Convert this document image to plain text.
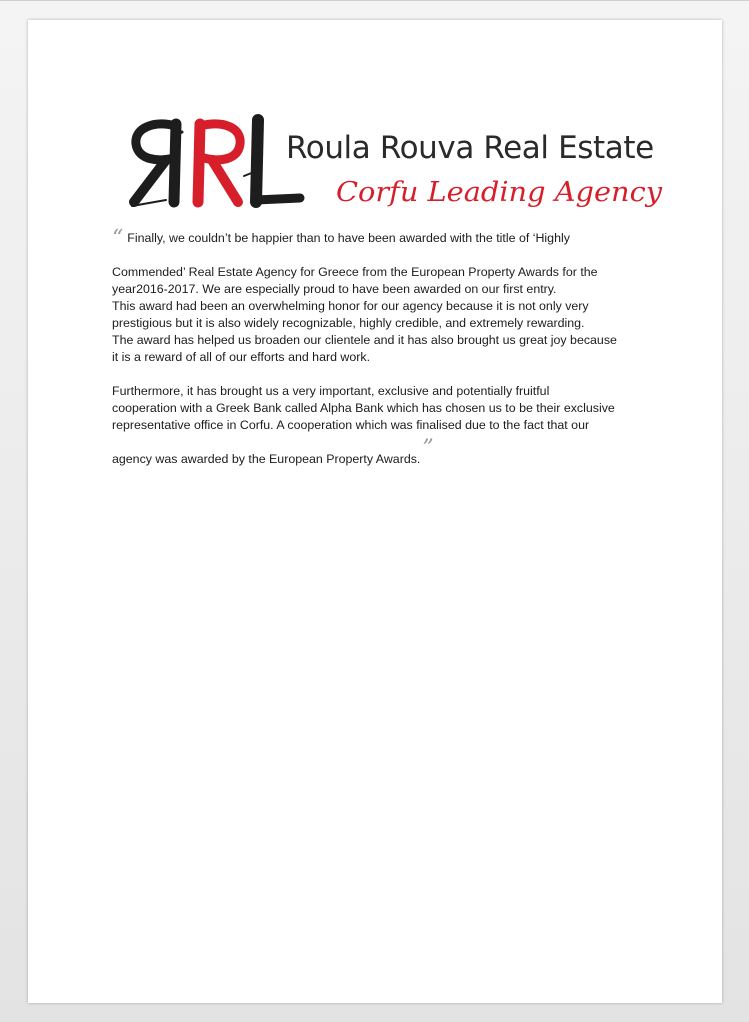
Roula Rouva Real Estate
Corfu Leading Agency

“ Finally, we couldn’t be happier than to have been awarded with the title of ‘Highly

Commended’ Real Estate Agency for Greece from the European Property Awards for the
year2016-2017. We are especially proud to have been awarded on our first entry.
This award had been an overwhelming honor for our agency because it is not only very
prestigious but it is also widely recognizable, highly credible, and extremely rewarding.
The award has helped us broaden our clientele and it has also brought us great joy because
it is a reward of all of our efforts and hard work.

Furthermore, it has brought us a very important, exclusive and potentially fruitful
cooperation with a Greek Bank called Alpha Bank which has chosen us to be their exclusive
representative office in Corfu. A cooperation which was finalised due to the fact that our

agency was awarded by the European Property Awards.”
